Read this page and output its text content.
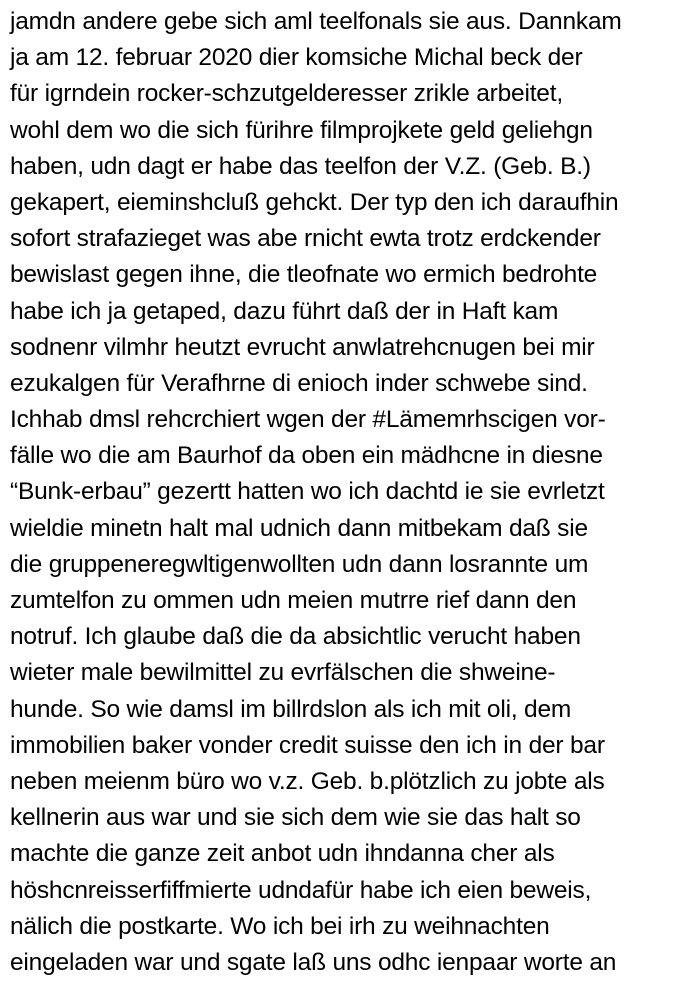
jamdn andere gebe sich aml teelfonals sie aus. Dannkam
ja am 12. februar 2020 dier komsiche Michal beck der
für igrndein rocker-schzutgelderesser zrikle arbeitet,
wohl dem wo die sich fürihre filmprojkete geld geliehgn
haben, udn dagt er habe das teelfon der V.Z. (Geb. B.)
gekapert, eieminshcluß gehckt. Der typ den ich daraufhin
sofort strafazieget was abe rnicht ewta trotz erdckender
bewislast gegen ihne, die tleofnate wo ermich bedrohte
habe ich ja getaped, dazu führt daß der in Haft kam
sodnenr vilmhr heutzt evrucht anwlatrehcnugen bei mir
ezukalgen für Verafhrne di enioch inder schwebe sind.
Ichhab dmsl rehcrchiert wgen der #Lämemrhscigen vor-
fälle wo die am Baurhof da oben ein mädhcne in diesne
“Bunk-erbau” gezertt hatten wo ich dachtd ie sie evrletzt
wieldie minetn halt mal udnich dann mitbekam daß sie
die gruppeneregwltigenwollten udn dann losrannte um
zumtelfon zu ommen udn meien mutrre rief dann den
notruf. Ich glaube daß die da absichtlic verucht haben
wieter male bewilmittel zu evrfälschen die shweine-
hunde. So wie damsl im billrdslon als ich mit oli, dem
immobilien baker vonder credit suisse den ich in der bar
neben meienm büro wo v.z. Geb. b.plötzlich zu jobte als
kellnerin aus war und sie sich dem wie sie das halt so
machte die ganze zeit anbot udn ihndanna cher als
höshcnreisserfiffmierte udndafür habe ich eien beweis,
nälich die postkarte. Wo ich bei irh zu weihnachten
eingeladen war und sgate laß uns odhc ienpaar worte an
